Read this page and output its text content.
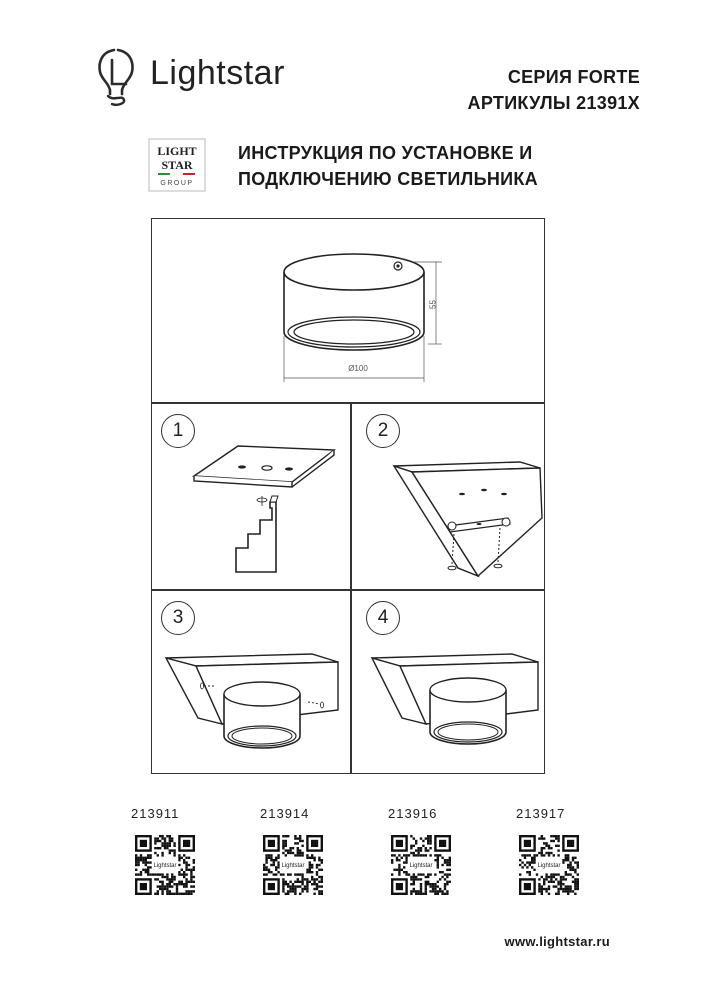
Lightstar	СЕРИЯ FORTE
АРТИКУЛЫ 21391X
LIGHT
STAR
GROUP
ИНСТРУКЦИЯ ПО УСТАНОВКЕ И
ПОДКЛЮЧЕНИЮ СВЕТИЛЬНИКА
55
Ø100
1	2
3	4
213911	213914	213916	213917
Lightstar	Lightstar	Lightstar	Lightstar
www.lightstar.ru
